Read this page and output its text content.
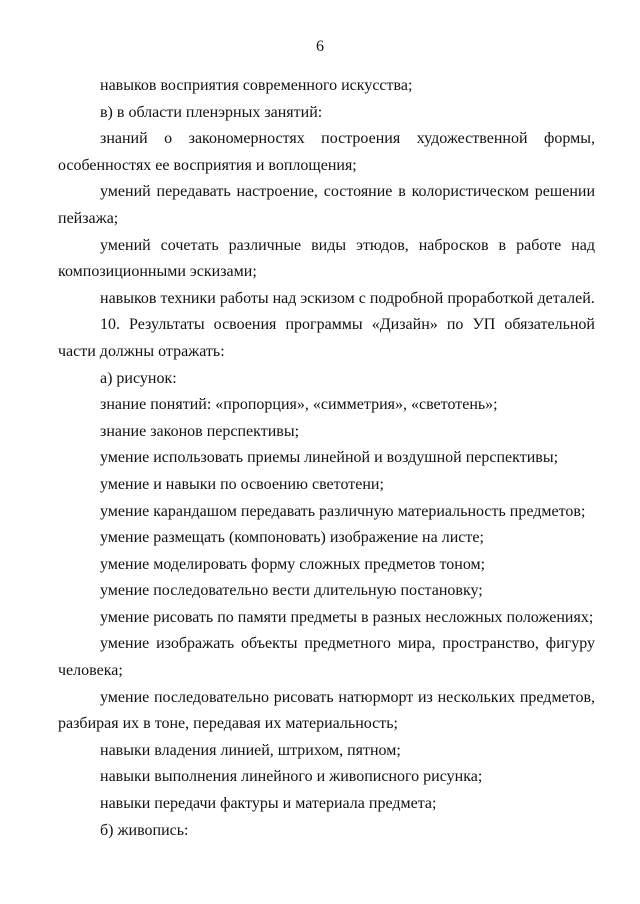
6

навыков восприятия современного искусства;

в) в области пленэрных занятий:

знаний о закономерностях построения художественной формы, особенностях ее восприятия и воплощения;

умений передавать настроение, состояние в колористическом решении пейзажа;

умений сочетать различные виды этюдов, набросков в работе над композиционными эскизами;

навыков техники работы над эскизом с подробной проработкой деталей.

10. Результаты освоения программы «Дизайн» по УП обязательной части должны отражать:

а) рисунок:

знание понятий: «пропорция», «симметрия», «светотень»;

знание законов перспективы;

умение использовать приемы линейной и воздушной перспективы;

умение и навыки по освоению светотени;

умение карандашом передавать различную материальность предметов;

умение размещать (компоновать) изображение на листе;

умение моделировать форму сложных предметов тоном;

умение последовательно вести длительную постановку;

умение рисовать по памяти предметы в разных несложных положениях;

умение изображать объекты предметного мира, пространство, фигуру человека;

умение последовательно рисовать натюрморт из нескольких предметов, разбирая их в тоне, передавая их материальность;

навыки владения линией, штрихом, пятном;

навыки выполнения линейного и живописного рисунка;

навыки передачи фактуры и материала предмета;

б) живопись:
